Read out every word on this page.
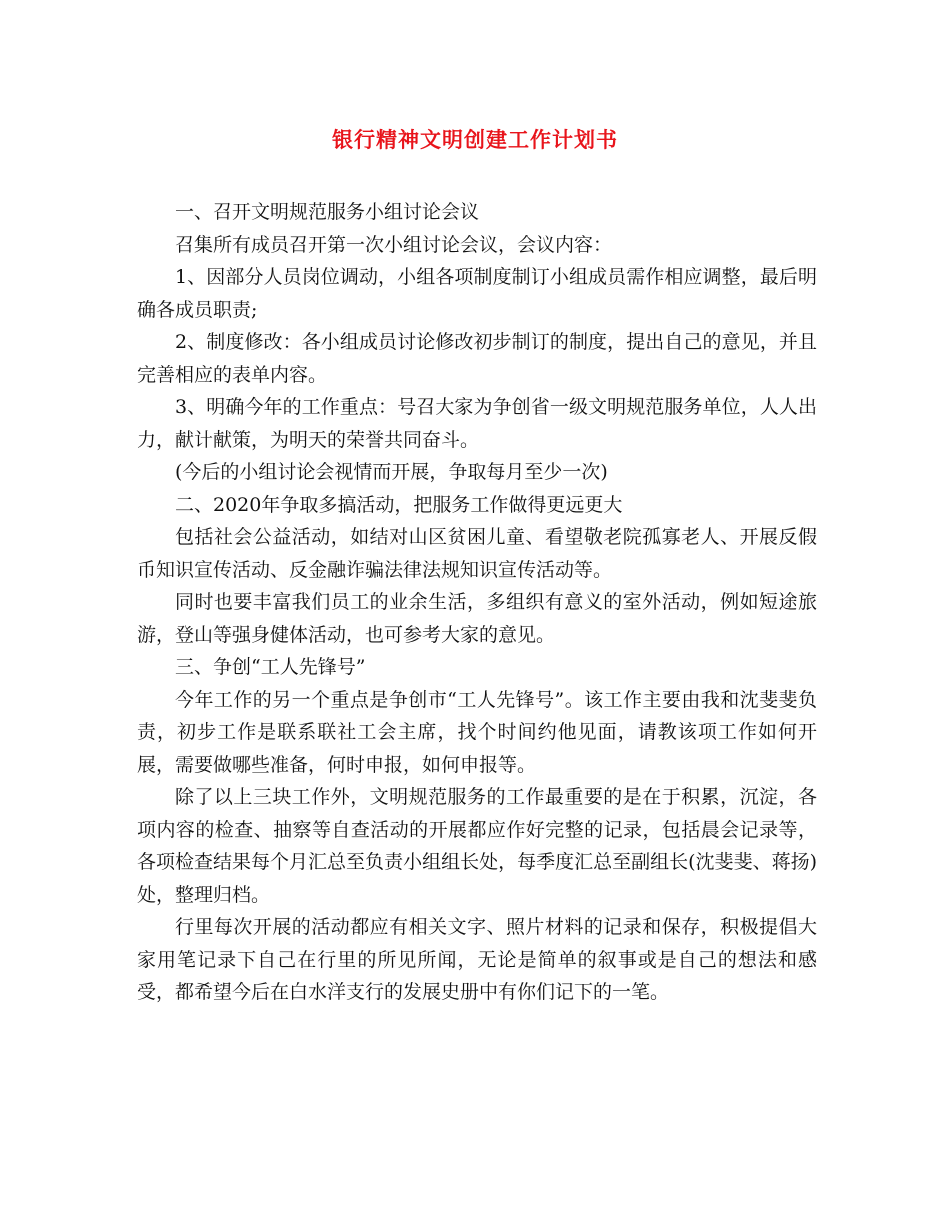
银行精神文明创建工作计划书

一、召开文明规范服务小组讨论会议

召集所有成员召开第一次小组讨论会议，会议内容：

1、因部分人员岗位调动，小组各项制度制订小组成员需作相应调整，最后明确各成员职责;

2、制度修改：各小组成员讨论修改初步制订的制度，提出自己的意见，并且完善相应的表单内容。

3、明确今年的工作重点：号召大家为争创省一级文明规范服务单位，人人出力，献计献策，为明天的荣誉共同奋斗。

(今后的小组讨论会视情而开展，争取每月至少一次)

二、2020年争取多搞活动，把服务工作做得更远更大

包括社会公益活动，如结对山区贫困儿童、看望敬老院孤寡老人、开展反假币知识宣传活动、反金融诈骗法律法规知识宣传活动等。

同时也要丰富我们员工的业余生活，多组织有意义的室外活动，例如短途旅游，登山等强身健体活动，也可参考大家的意见。

三、争创“工人先锋号”

今年工作的另一个重点是争创市“工人先锋号”。该工作主要由我和沈斐斐负责，初步工作是联系联社工会主席，找个时间约他见面，请教该项工作如何开展，需要做哪些准备，何时申报，如何申报等。

除了以上三块工作外，文明规范服务的工作最重要的是在于积累，沉淀，各项内容的检查、抽察等自查活动的开展都应作好完整的记录，包括晨会记录等，各项检查结果每个月汇总至负责小组组长处，每季度汇总至副组长(沈斐斐、蒋扬)处，整理归档。

行里每次开展的活动都应有相关文字、照片材料的记录和保存，积极提倡大家用笔记录下自己在行里的所见所闻，无论是简单的叙事或是自己的想法和感受，都希望今后在白水洋支行的发展史册中有你们记下的一笔。
